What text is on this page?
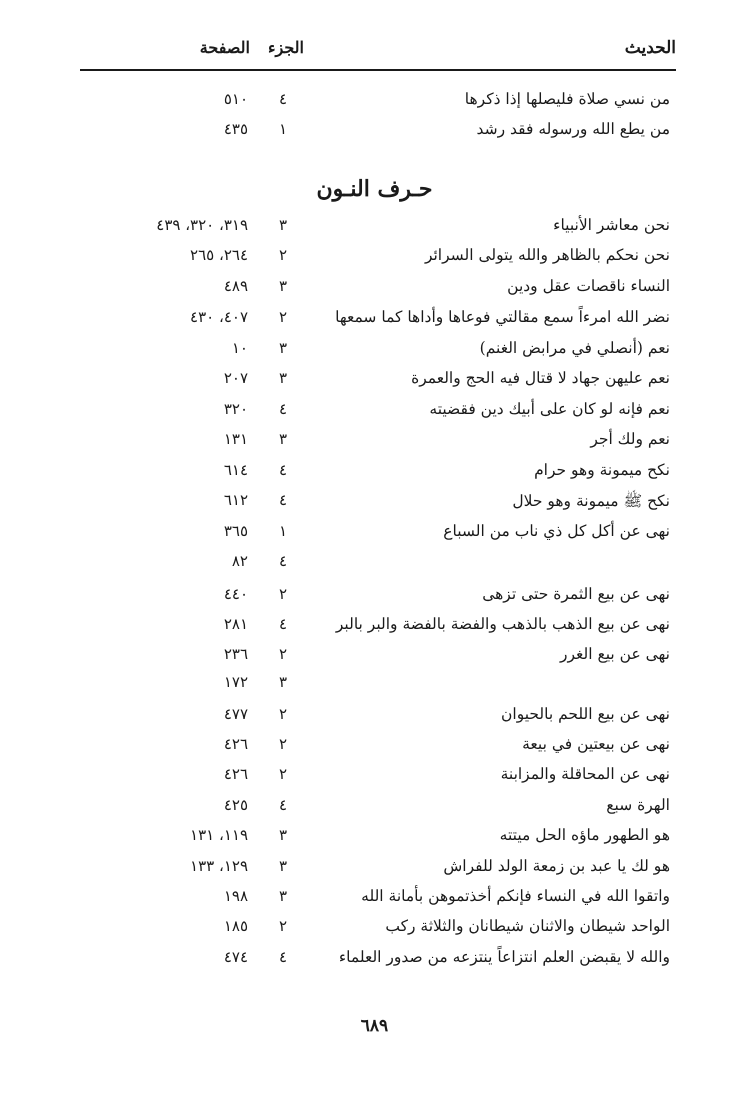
الحديث
الجزء
الصفحة
من نسي صلاة فليصلها إذا ذكرها
٤
٥١٠
من يطع الله ورسوله فقد رشد
١
٤٣٥
حـرف النـون
نحن معاشر الأنبياء
٣
٣١٩، ٣٢٠، ٤٣٩
نحن نحكم بالظاهر والله يتولى السرائر
٢
٢٦٤، ٢٦٥
النساء ناقصات عقل ودين
٣
٤٨٩
نضر الله امرءاً سمع مقالتي فوعاها وأداها كما سمعها
٢
٤٠٧، ٤٣٠
نعم (أنصلي في مرابض الغنم)
٣
١٠
نعم عليهن جهاد لا قتال فيه الحج والعمرة
٣
٢٠٧
نعم فإنه لو كان على أبيك دين فقضيته
٤
٣٢٠
نعم ولك أجر
٣
١٣١
نكح ميمونة وهو حرام
٤
٦١٤
نكح ﷺ ميمونة وهو حلال
٤
٦١٢
نهى عن أكل كل ذي ناب من السباع
١
٣٦٥
٤
٨٢
نهى عن بيع الثمرة حتى تزهى
٢
٤٤٠
نهى عن بيع الذهب بالذهب والفضة بالفضة والبر بالبر
٤
٢٨١
نهى عن بيع الغرر
٢
٢٣٦
٣
١٧٢
نهى عن بيع اللحم بالحيوان
٢
٤٧٧
نهى عن بيعتين في بيعة
٢
٤٢٦
نهى عن المحاقلة والمزابنة
٢
٤٢٦
الهرة سبع
٤
٤٢٥
هو الطهور ماؤه الحل ميتته
٣
١١٩، ١٣١
هو لك يا عبد بن زمعة الولد للفراش
٣
١٢٩، ١٣٣
واتقوا الله في النساء فإنكم أخذتموهن بأمانة الله
٣
١٩٨
الواحد شيطان والاثنان شيطانان والثلاثة ركب
٢
١٨٥
والله لا يقبضن العلم انتزاعاً ينتزعه من صدور العلماء
٤
٤٧٤
٦٨٩
